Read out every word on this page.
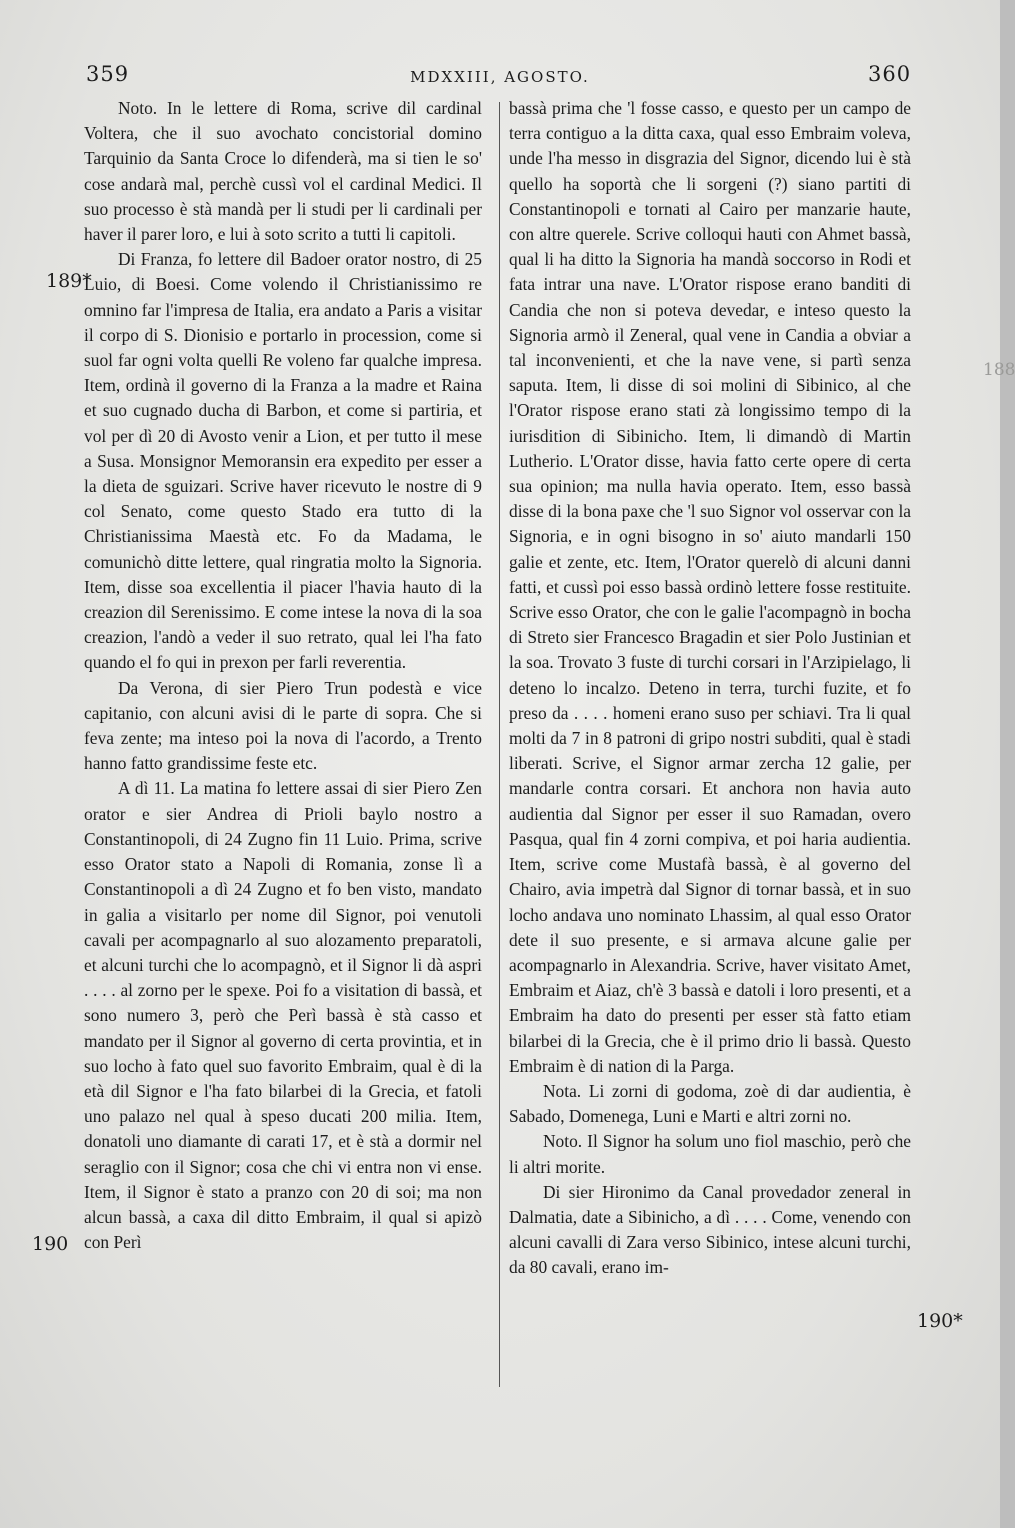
359	MDXXIII, AGOSTO.	360
189*
190
190*
188

Noto. In le lettere di Roma, scrive dil cardinal Voltera, che il suo avochato concistorial domino Tarquinio da Santa Croce lo difenderà, ma si tien le so' cose andarà mal, perchè cussì vol el cardinal Medici. Il suo processo è stà mandà per li studi per li cardinali per haver il parer loro, e lui à soto scrito a tutti li capitoli.

Di Franza, fo lettere dil Badoer orator nostro, di 25 Luio, di Boesi. Come volendo il Christianissimo re omnino far l'impresa de Italia, era andato a Paris a visitar il corpo di S. Dionisio e portarlo in procession, come si suol far ogni volta quelli Re voleno far qualche impresa. Item, ordinà il governo di la Franza a la madre et Raina et suo cugnado ducha di Barbon, et come si partiria, et vol per dì 20 di Avosto venir a Lion, et per tutto il mese a Susa. Monsignor Memoransin era expedito per esser a la dieta de sguizari. Scrive haver ricevuto le nostre di 9 col Senato, come questo Stado era tutto di la Christianissima Maestà etc. Fo da Madama, le comunichò ditte lettere, qual ringratia molto la Signoria. Item, disse soa excellentia il piacer l'havia hauto di la creazion dil Serenissimo. E come intese la nova di la soa creazion, l'andò a veder il suo retrato, qual lei l'ha fato quando el fo qui in prexon per farli reverentia.

Da Verona, di sier Piero Trun podestà e vice capitanio, con alcuni avisi di le parte di sopra. Che si feva zente; ma inteso poi la nova di l'acordo, a Trento hanno fatto grandissime feste etc.

A dì 11. La matina fo lettere assai di sier Piero Zen orator e sier Andrea di Prioli baylo nostro a Constantinopoli, di 24 Zugno fin 11 Luio. Prima, scrive esso Orator stato a Napoli di Romania, zonse lì a Constantinopoli a dì 24 Zugno et fo ben visto, mandato in galia a visitarlo per nome dil Signor, poi venutoli cavali per acompagnarlo al suo alozamento preparatoli, et alcuni turchi che lo acompagnò, et il Signor li dà aspri . . . . al zorno per le spexe. Poi fo a visitation di bassà, et sono numero 3, però che Perì bassà è stà casso et mandato per il Signor al governo di certa provintia, et in suo locho à fato quel suo favorito Embraim, qual è di la età dil Signor e l'ha fato bilarbei di la Grecia, et fatoli uno palazo nel qual à speso ducati 200 milia. Item, donatoli uno diamante di carati 17, et è stà a dormir nel seraglio con il Signor; cosa che chi vi entra non vi ense. Item, il Signor è stato a pranzo con 20 di soi; ma non alcun bassà, a caxa dil ditto Embraim, il qual si apizò con Perì

bassà prima che 'l fosse casso, e questo per un campo de terra contiguo a la ditta caxa, qual esso Embraim voleva, unde l'ha messo in disgrazia del Signor, dicendo lui è stà quello ha soportà che li sorgeni (?) siano partiti di Constantinopoli e tornati al Cairo per manzarie haute, con altre querele. Scrive colloqui hauti con Ahmet bassà, qual li ha ditto la Signoria ha mandà soccorso in Rodi et fata intrar una nave. L'Orator rispose erano banditi di Candia che non si poteva devedar, e inteso questo la Signoria armò il Zeneral, qual vene in Candia a obviar a tal inconvenienti, et che la nave vene, si partì senza saputa. Item, li disse di soi molini di Sibinico, al che l'Orator rispose erano stati zà longissimo tempo di la iurisdition di Sibinicho. Item, li dimandò di Martin Lutherio. L'Orator disse, havia fatto certe opere di certa sua opinion; ma nulla havia operato. Item, esso bassà disse di la bona paxe che 'l suo Signor vol osservar con la Signoria, e in ogni bisogno in so' aiuto mandarli 150 galie et zente, etc. Item, l'Orator querelò di alcuni danni fatti, et cussì poi esso bassà ordinò lettere fosse restituite. Scrive esso Orator, che con le galie l'acompagnò in bocha di Streto sier Francesco Bragadin et sier Polo Justinian et la soa. Trovato 3 fuste di turchi corsari in l'Arzipielago, li deteno lo incalzo. Deteno in terra, turchi fuzite, et fo preso da . . . . homeni erano suso per schiavi. Tra li qual molti da 7 in 8 patroni di gripo nostri subditi, qual è stadi liberati. Scrive, el Signor armar zercha 12 galie, per mandarle contra corsari. Et anchora non havia auto audientia dal Signor per esser il suo Ramadan, overo Pasqua, qual fin 4 zorni compiva, et poi haria audientia. Item, scrive come Mustafà bassà, è al governo del Chairo, avia impetrà dal Signor di tornar bassà, et in suo locho andava uno nominato Lhassim, al qual esso Orator dete il suo presente, e si armava alcune galie per acompagnarlo in Alexandria. Scrive, haver visitato Amet, Embraim et Aiaz, ch'è 3 bassà e datoli i loro presenti, et a Embraim ha dato do presenti per esser stà fatto etiam bilarbei di la Grecia, che è il primo drio li bassà. Questo Embraim è di nation di la Parga.

Nota. Li zorni di godoma, zoè di dar audientia, è Sabado, Domenega, Luni e Marti e altri zorni no.

Noto. Il Signor ha solum uno fiol maschio, però che li altri morite.

Di sier Hironimo da Canal provedador zeneral in Dalmatia, date a Sibinicho, a dì . . . . Come, venendo con alcuni cavalli di Zara verso Sibinico, intese alcuni turchi, da 80 cavali, erano im-
